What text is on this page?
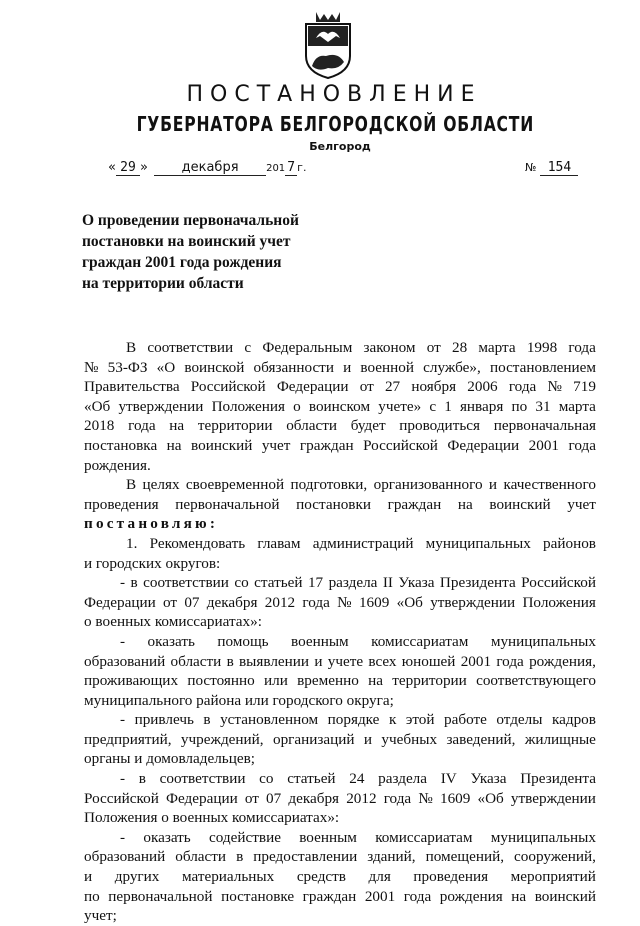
ПОСТАНОВЛЕНИЕ
ГУБЕРНАТОРА БЕЛГОРОДСКОЙ ОБЛАСТИ
Белгород
« 29 »	декабря	201 7 г.	№ 154
О проведении первоначальной
постановки на воинский учет
граждан 2001 года рождения
на территории области
В соответствии с Федеральным законом от 28 марта 1998 года
№ 53-ФЗ «О воинской обязанности и военной службе», постановлением
Правительства Российской Федерации от 27 ноября 2006 года № 719
«Об утверждении Положения о воинском учете» с 1 января по 31 марта
2018 года на территории области будет проводиться первоначальная
постановка на воинский учет граждан Российской Федерации 2001 года
рождения.
В целях своевременной подготовки, организованного и качественного
проведения первоначальной постановки граждан на воинский учет
постановляю:
1. Рекомендовать главам администраций муниципальных районов
и городских округов:
- в соответствии со статьей 17 раздела II Указа Президента Российской
Федерации от 07 декабря 2012 года № 1609 «Об утверждении Положения
о военных комиссариатах»:
- оказать помощь военным комиссариатам муниципальных
образований области в выявлении и учете всех юношей 2001 года рождения,
проживающих постоянно или временно на территории соответствующего
муниципального района или городского округа;
- привлечь в установленном порядке к этой работе отделы кадров
предприятий, учреждений, организаций и учебных заведений, жилищные
органы и домовладельцев;
- в соответствии со статьей 24 раздела IV Указа Президента
Российской Федерации от 07 декабря 2012 года № 1609 «Об утверждении
Положения о военных комиссариатах»:
- оказать содействие военным комиссариатам муниципальных
образований области в предоставлении зданий, помещений, сооружений,
и других материальных средств для проведения мероприятий
по первоначальной постановке граждан 2001 года рождения на воинский
учет;
